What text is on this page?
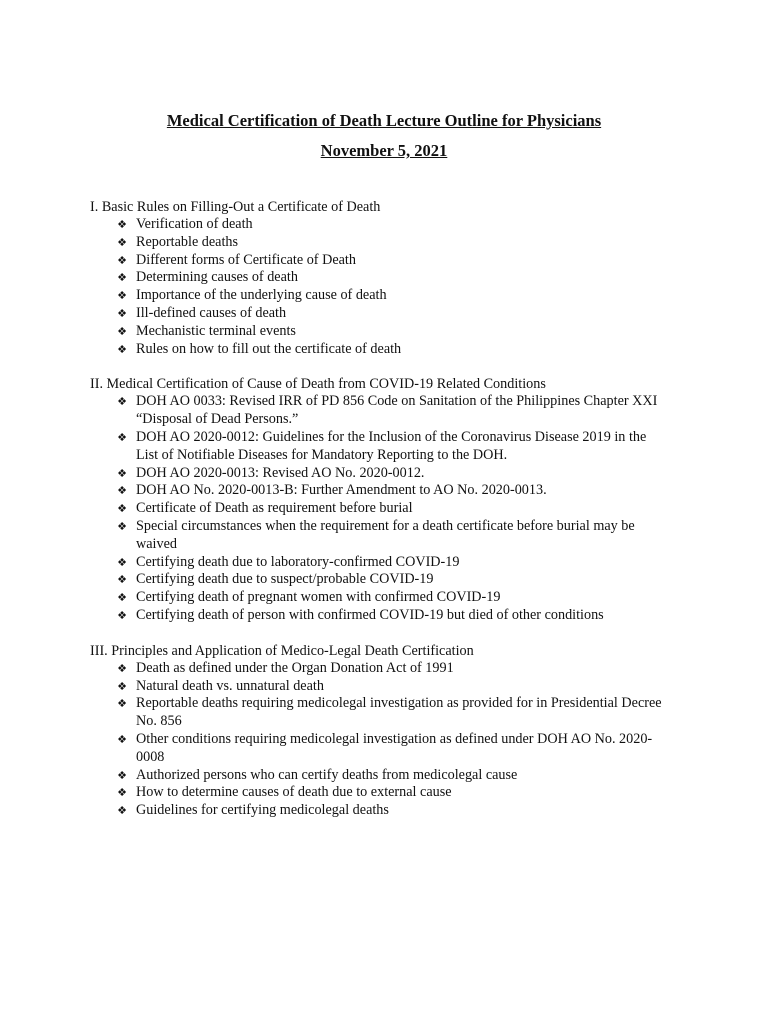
Medical Certification of Death Lecture Outline for Physicians
November 5, 2021

I. Basic Rules on Filling-Out a Certificate of Death

❖ Verification of death
❖ Reportable deaths
❖ Different forms of Certificate of Death
❖ Determining causes of death
❖ Importance of the underlying cause of death
❖ Ill-defined causes of death
❖ Mechanistic terminal events
❖ Rules on how to fill out the certificate of death

II. Medical Certification of Cause of Death from COVID-19 Related Conditions

❖ DOH AO 0033: Revised IRR of PD 856 Code on Sanitation of the Philippines Chapter XXI “Disposal of Dead Persons.”
❖ DOH AO 2020-0012: Guidelines for the Inclusion of the Coronavirus Disease 2019 in the List of Notifiable Diseases for Mandatory Reporting to the DOH.
❖ DOH AO 2020-0013: Revised AO No. 2020-0012.
❖ DOH AO No. 2020-0013-B: Further Amendment to AO No. 2020-0013.
❖ Certificate of Death as requirement before burial
❖ Special circumstances when the requirement for a death certificate before burial may be waived
❖ Certifying death due to laboratory-confirmed COVID-19
❖ Certifying death due to suspect/probable COVID-19
❖ Certifying death of pregnant women with confirmed COVID-19
❖ Certifying death of person with confirmed COVID-19 but died of other conditions

III. Principles and Application of Medico-Legal Death Certification

❖ Death as defined under the Organ Donation Act of 1991
❖ Natural death vs. unnatural death
❖ Reportable deaths requiring medicolegal investigation as provided for in Presidential Decree No. 856
❖ Other conditions requiring medicolegal investigation as defined under DOH AO No. 2020-0008
❖ Authorized persons who can certify deaths from medicolegal cause
❖ How to determine causes of death due to external cause
❖ Guidelines for certifying medicolegal deaths
